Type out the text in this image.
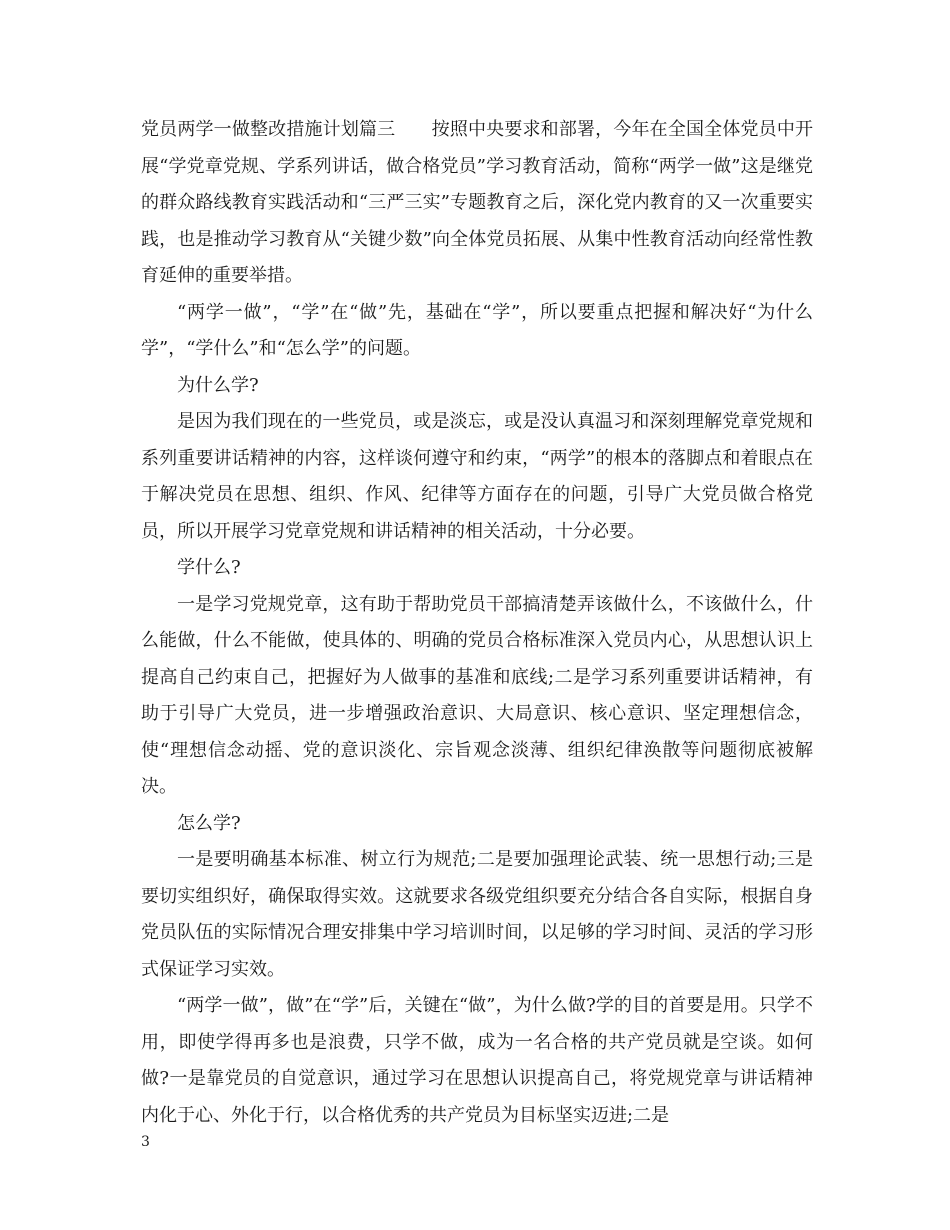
党员两学一做整改措施计划篇三　　按照中央要求和部署，今年在全国全体党员中开展“学党章党规、学系列讲话，做合格党员”学习教育活动，简称“两学一做”这是继党的群众路线教育实践活动和“三严三实”专题教育之后，深化党内教育的又一次重要实践，也是推动学习教育从“关键少数”向全体党员拓展、从集中性教育活动向经常性教育延伸的重要举措。

“两学一做”，“学”在“做”先，基础在“学”，所以要重点把握和解决好“为什么学”，“学什么”和“怎么学”的问题。

为什么学?

是因为我们现在的一些党员，或是淡忘，或是没认真温习和深刻理解党章党规和系列重要讲话精神的内容，这样谈何遵守和约束，“两学”的根本的落脚点和着眼点在于解决党员在思想、组织、作风、纪律等方面存在的问题，引导广大党员做合格党员，所以开展学习党章党规和讲话精神的相关活动，十分必要。

学什么?

一是学习党规党章，这有助于帮助党员干部搞清楚弄该做什么，不该做什么，什么能做，什么不能做，使具体的、明确的党员合格标准深入党员内心，从思想认识上提高自己约束自己，把握好为人做事的基准和底线;二是学习系列重要讲话精神，有助于引导广大党员，进一步增强政治意识、大局意识、核心意识、坚定理想信念，使“理想信念动摇、党的意识淡化、宗旨观念淡薄、组织纪律涣散等问题彻底被解决。

怎么学?

一是要明确基本标准、树立行为规范;二是要加强理论武装、统一思想行动;三是要切实组织好，确保取得实效。这就要求各级党组织要充分结合各自实际，根据自身党员队伍的实际情况合理安排集中学习培训时间，以足够的学习时间、灵活的学习形式保证学习实效。

“两学一做”，做”在“学”后，关键在“做”，为什么做?学的目的首要是用。只学不用，即使学得再多也是浪费，只学不做，成为一名合格的共产党员就是空谈。如何做?一是靠党员的自觉意识，通过学习在思想认识提高自己，将党规党章与讲话精神内化于心、外化于行，以合格优秀的共产党员为目标坚实迈进;二是

3
